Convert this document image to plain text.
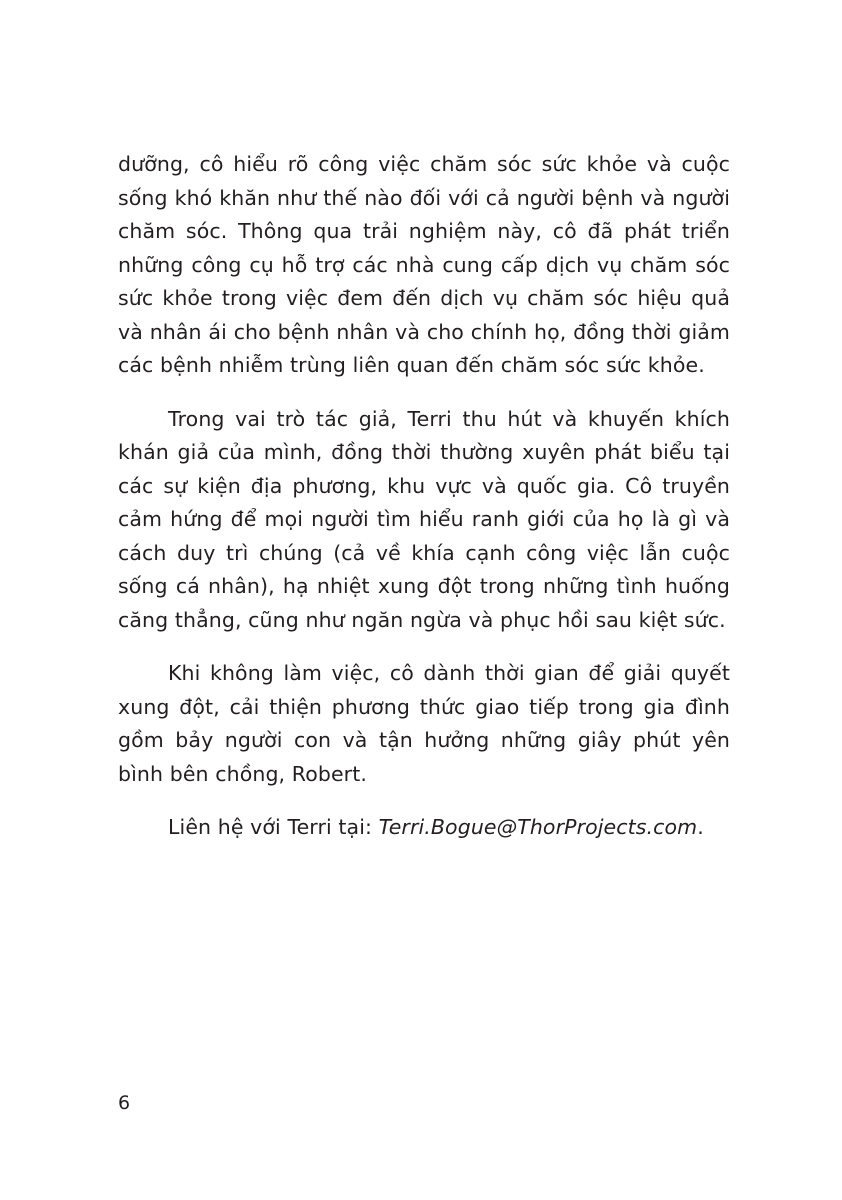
dưỡng, cô hiểu rõ công việc chăm sóc sức khỏe và cuộc sống khó khăn như thế nào đối với cả người bệnh và người chăm sóc. Thông qua trải nghiệm này, cô đã phát triển những công cụ hỗ trợ các nhà cung cấp dịch vụ chăm sóc sức khỏe trong việc đem đến dịch vụ chăm sóc hiệu quả và nhân ái cho bệnh nhân và cho chính họ, đồng thời giảm các bệnh nhiễm trùng liên quan đến chăm sóc sức khỏe.

Trong vai trò tác giả, Terri thu hút và khuyến khích khán giả của mình, đồng thời thường xuyên phát biểu tại các sự kiện địa phương, khu vực và quốc gia. Cô truyền cảm hứng để mọi người tìm hiểu ranh giới của họ là gì và cách duy trì chúng (cả về khía cạnh công việc lẫn cuộc sống cá nhân), hạ nhiệt xung đột trong những tình huống căng thẳng, cũng như ngăn ngừa và phục hồi sau kiệt sức.

Khi không làm việc, cô dành thời gian để giải quyết xung đột, cải thiện phương thức giao tiếp trong gia đình gồm bảy người con và tận hưởng những giây phút yên bình bên chồng, Robert.

Liên hệ với Terri tại: Terri.Bogue@ThorProjects.com.

6
